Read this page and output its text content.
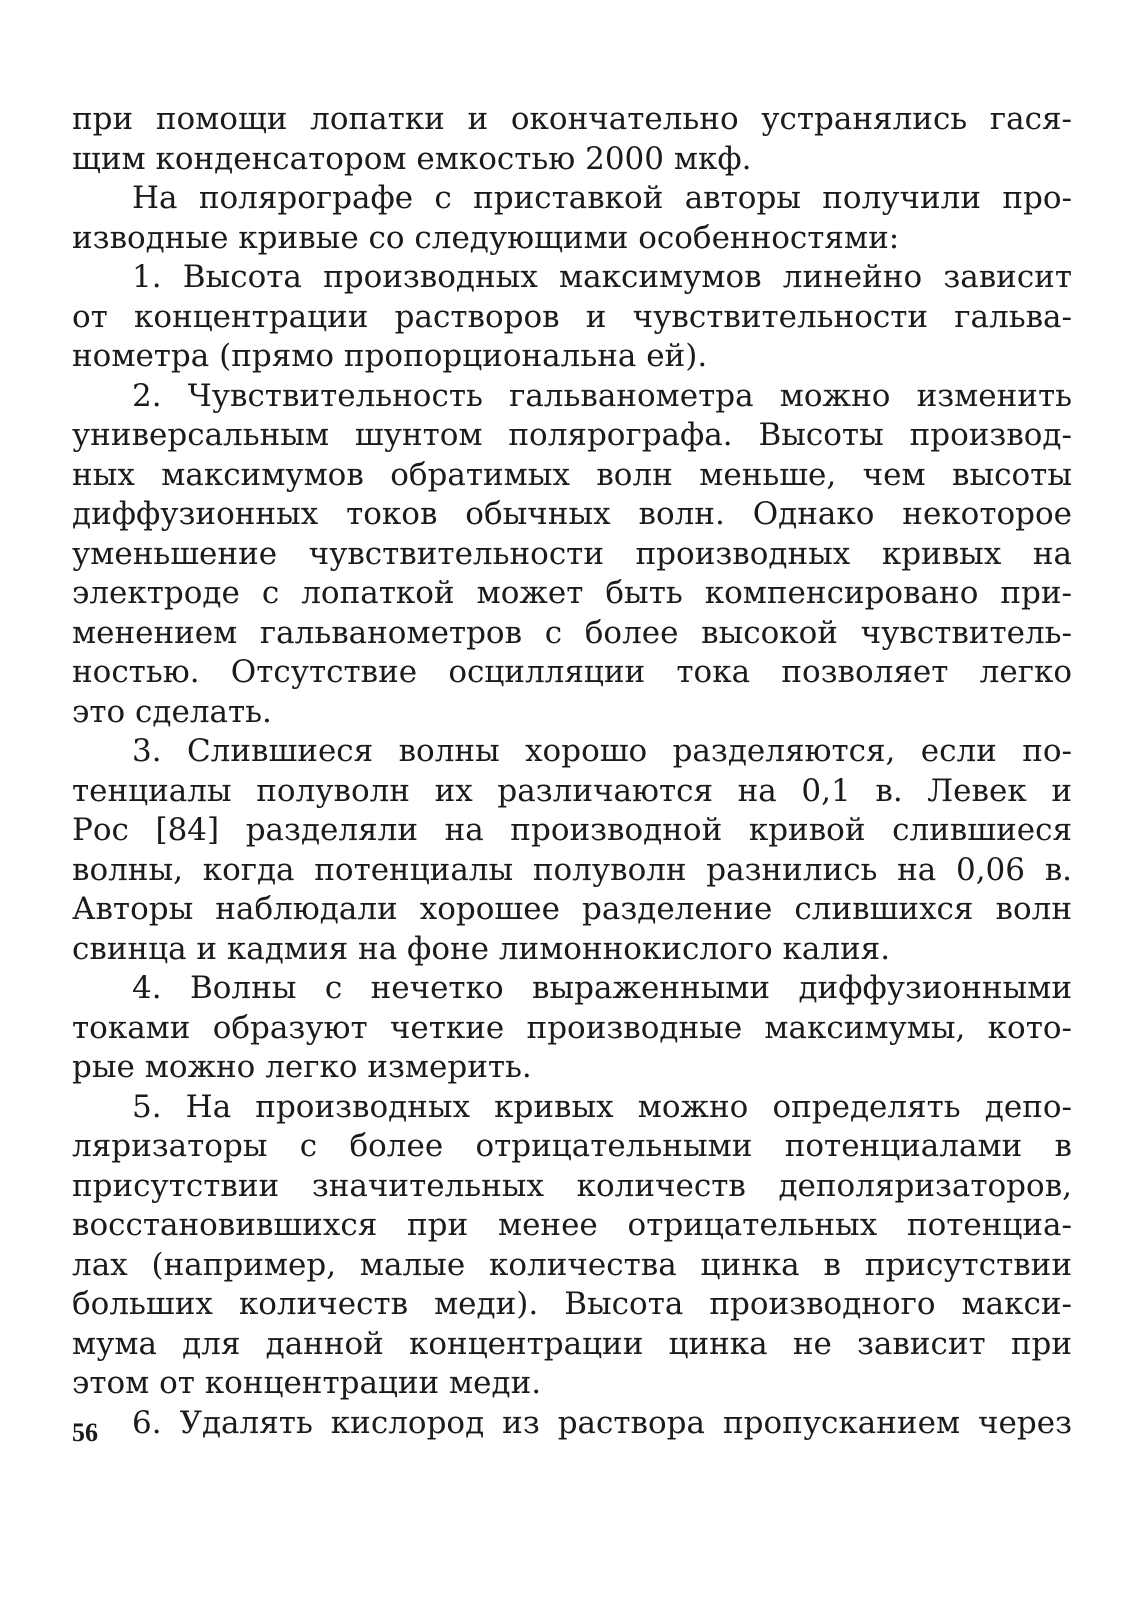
при помощи лопатки и окончательно устранялись гася-
щим конденсатором емкостью 2000 мкф.
На полярографе с приставкой авторы получили про-
изводные кривые со следующими особенностями:
1. Высота производных максимумов линейно зависит
от концентрации растворов и чувствительности гальва-
нометра (прямо пропорциональна ей).
2. Чувствительность гальванометра можно изменить
универсальным шунтом полярографа. Высоты производ-
ных максимумов обратимых волн меньше, чем высоты
диффузионных токов обычных волн. Однако некоторое
уменьшение чувствительности производных кривых на
электроде с лопаткой может быть компенсировано при-
менением гальванометров с более высокой чувствитель-
ностью. Отсутствие осцилляции тока позволяет легко
это сделать.
3. Слившиеся волны хорошо разделяются, если по-
тенциалы полуволн их различаются на 0,1 в. Левек и
Рос [84] разделяли на производной кривой слившиеся
волны, когда потенциалы полуволн разнились на 0,06 в.
Авторы наблюдали хорошее разделение слившихся волн
свинца и кадмия на фоне лимоннокислого калия.
4. Волны с нечетко выраженными диффузионными
токами образуют четкие производные максимумы, кото-
рые можно легко измерить.
5. На производных кривых можно определять депо-
ляризаторы с более отрицательными потенциалами в
присутствии значительных количеств деполяризаторов,
восстановившихся при менее отрицательных потенциа-
лах (например, малые количества цинка в присутствии
больших количеств меди). Высота производного макси-
мума для данной концентрации цинка не зависит при
этом от концентрации меди.
6. Удалять кислород из раствора пропусканием через
56
